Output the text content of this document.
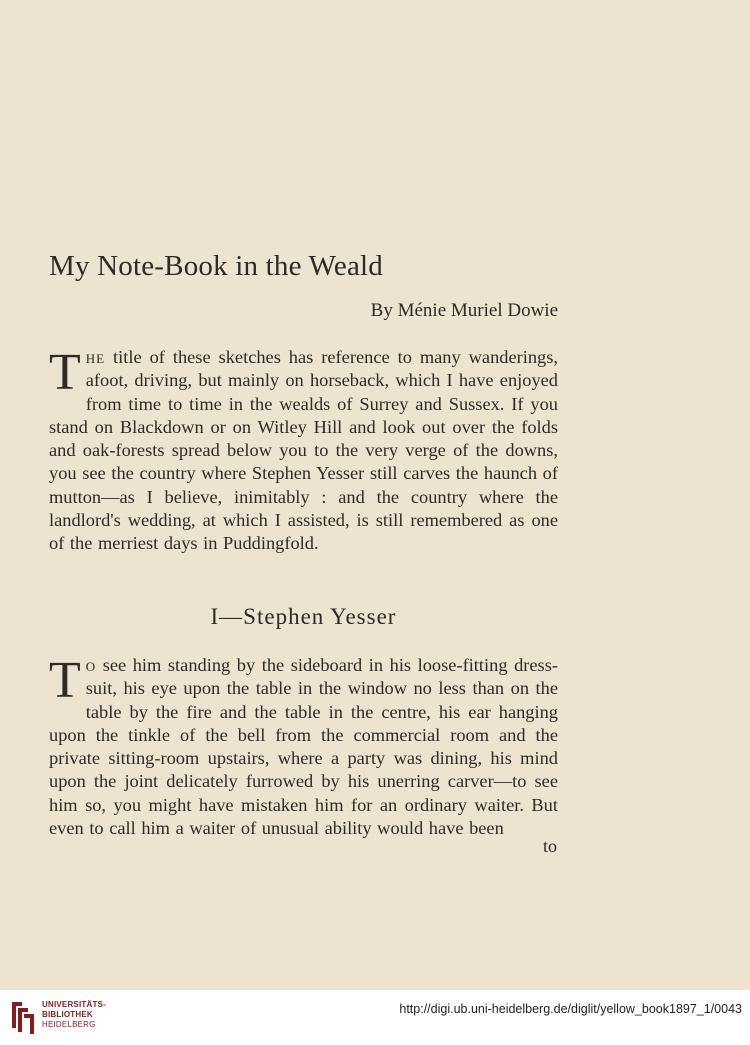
My Note-Book in the Weald
By Ménie Muriel Dowie
The title of these sketches has reference to many wanderings, afoot, driving, but mainly on horseback, which I have enjoyed from time to time in the wealds of Surrey and Sussex. If you stand on Blackdown or on Witley Hill and look out over the folds and oak-forests spread below you to the very verge of the downs, you see the country where Stephen Yesser still carves the haunch of mutton—as I believe, inimitably : and the country where the landlord's wedding, at which I assisted, is still remembered as one of the merriest days in Puddingfold.
I—Stephen Yesser
To see him standing by the sideboard in his loose-fitting dress-suit, his eye upon the table in the window no less than on the table by the fire and the table in the centre, his ear hanging upon the tinkle of the bell from the commercial room and the private sitting-room upstairs, where a party was dining, his mind upon the joint delicately furrowed by his unerring carver—to see him so, you might have mistaken him for an ordinary waiter. But even to call him a waiter of unusual ability would have been
to
UNIVERSITÄTS-
BIBLIOTHEK
HEIDELBERG
http://digi.ub.uni-heidelberg.de/diglit/yellow_book1897_1/0043
